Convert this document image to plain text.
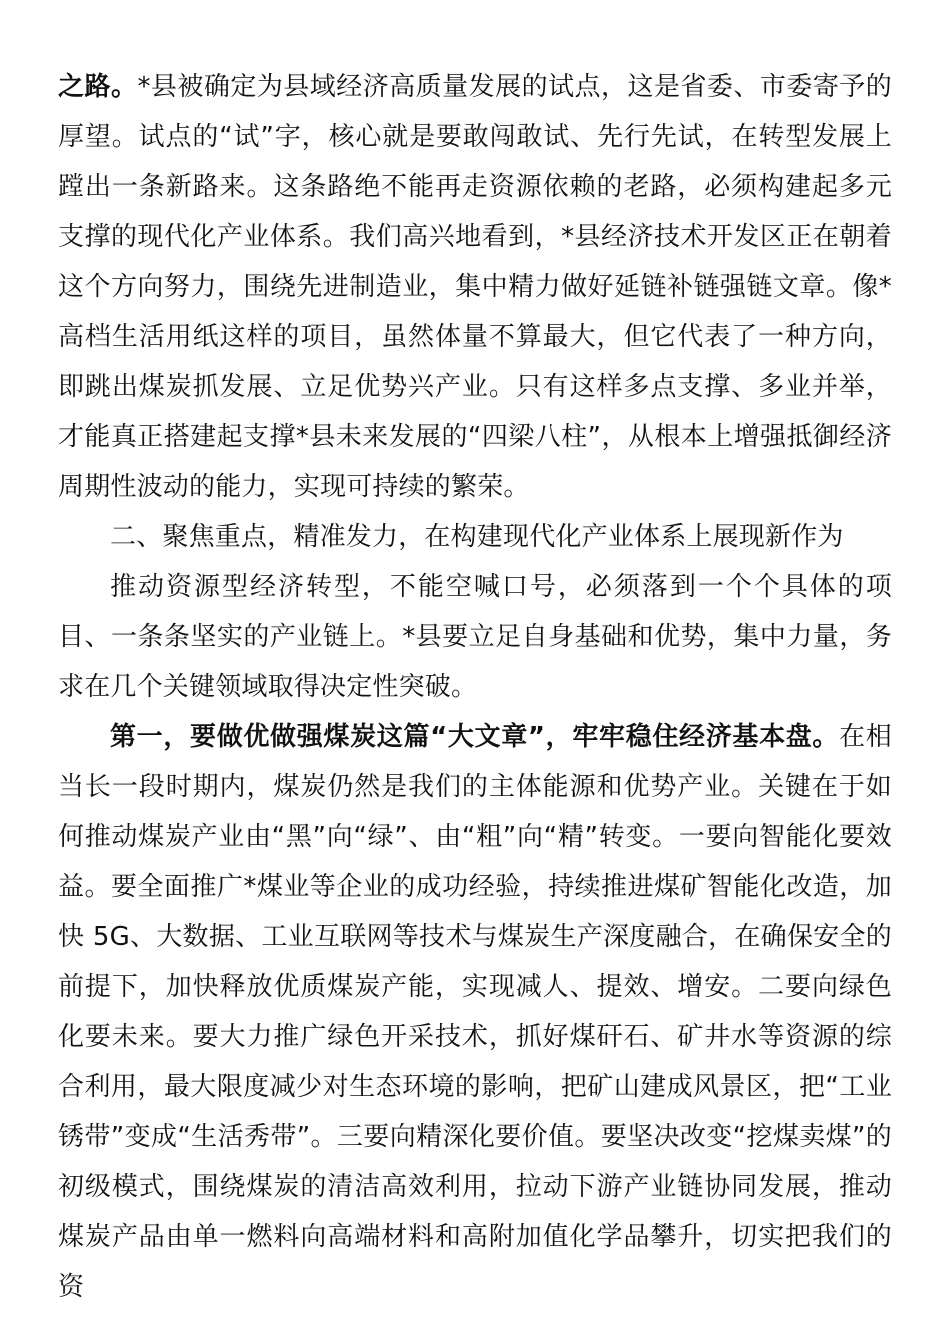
之路。*县被确定为县域经济高质量发展的试点，这是省委、市委寄予的厚望。试点的“试”字，核心就是要敢闯敢试、先行先试，在转型发展上蹚出一条新路来。这条路绝不能再走资源依赖的老路，必须构建起多元支撑的现代化产业体系。我们高兴地看到，*县经济技术开发区正在朝着这个方向努力，围绕先进制造业，集中精力做好延链补链强链文章。像*高档生活用纸这样的项目，虽然体量不算最大，但它代表了一种方向，即跳出煤炭抓发展、立足优势兴产业。只有这样多点支撑、多业并举，才能真正搭建起支撑*县未来发展的“四梁八柱”，从根本上增强抵御经济周期性波动的能力，实现可持续的繁荣。

二、聚焦重点，精准发力，在构建现代化产业体系上展现新作为

推动资源型经济转型，不能空喊口号，必须落到一个个具体的项目、一条条坚实的产业链上。*县要立足自身基础和优势，集中力量，务求在几个关键领域取得决定性突破。

第一，要做优做强煤炭这篇“大文章”，牢牢稳住经济基本盘。在相当长一段时期内，煤炭仍然是我们的主体能源和优势产业。关键在于如何推动煤炭产业由“黑”向“绿”、由“粗”向“精”转变。一要向智能化要效益。要全面推广*煤业等企业的成功经验，持续推进煤矿智能化改造，加快 5G、大数据、工业互联网等技术与煤炭生产深度融合，在确保安全的前提下，加快释放优质煤炭产能，实现减人、提效、增安。二要向绿色化要未来。要大力推广绿色开采技术，抓好煤矸石、矿井水等资源的综合利用，最大限度减少对生态环境的影响，把矿山建成风景区，把“工业锈带”变成“生活秀带”。三要向精深化要价值。要坚决改变“挖煤卖煤”的初级模式，围绕煤炭的清洁高效利用，拉动下游产业链协同发展，推动煤炭产品由单一燃料向高端材料和高附加值化学品攀升，切实把我们的资
